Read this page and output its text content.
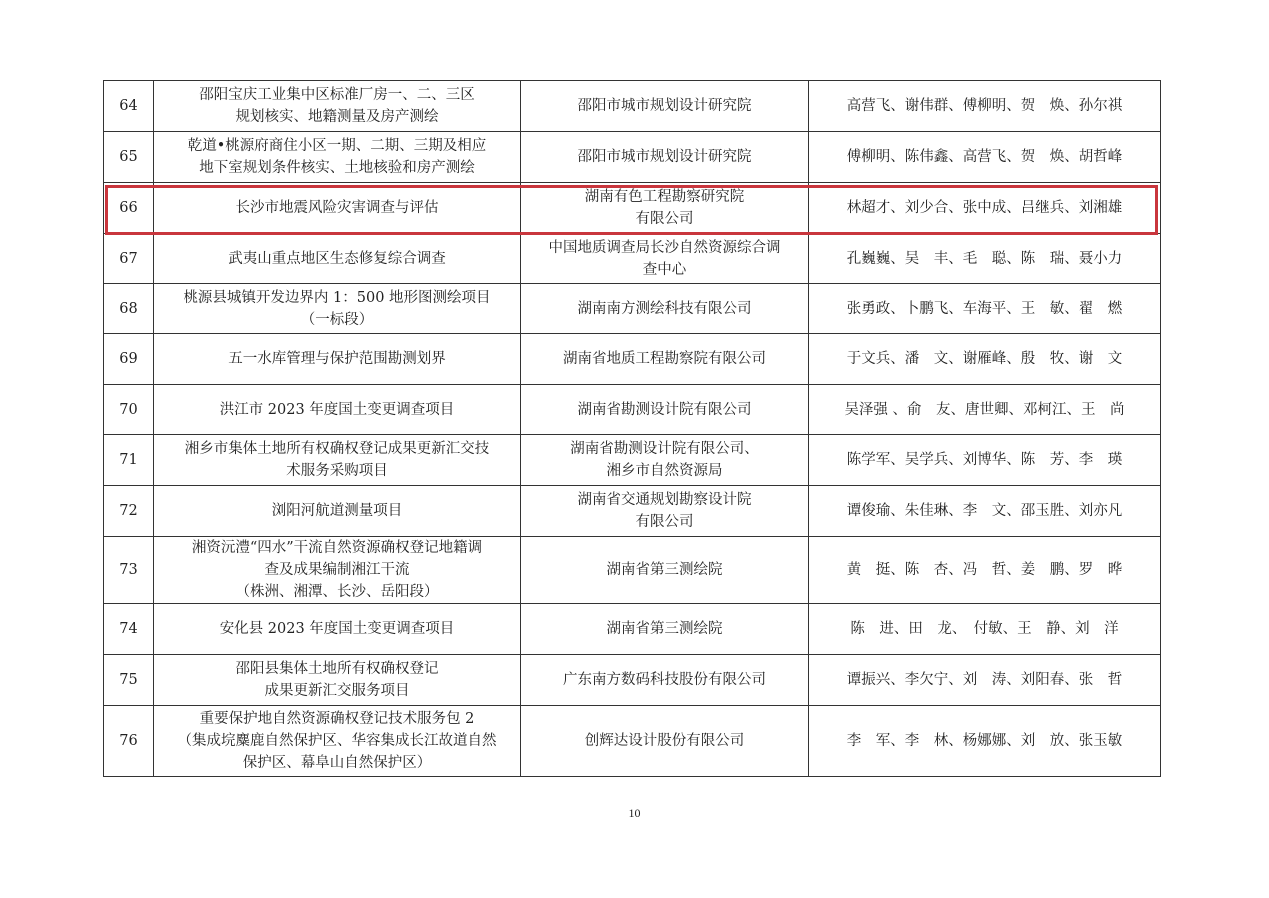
64	邵阳宝庆工业集中区标准厂房一、二、三区
规划核实、地籍测量及房产测绘	邵阳市城市规划设计研究院	高营飞、谢伟群、傅柳明、贺　焕、孙尔祺
65	乾道•桃源府商住小区一期、二期、三期及相应
地下室规划条件核实、土地核验和房产测绘	邵阳市城市规划设计研究院	傅柳明、陈伟鑫、高营飞、贺　焕、胡哲峰
66	长沙市地震风险灾害调查与评估	湖南有色工程勘察研究院
有限公司	林超才、刘少合、张中成、吕继兵、刘湘雄
67	武夷山重点地区生态修复综合调查	中国地质调查局长沙自然资源综合调
查中心	孔巍巍、吴　丰、毛　聪、陈　瑞、聂小力
68	桃源县城镇开发边界内 1：500 地形图测绘项目
（一标段）	湖南南方测绘科技有限公司	张勇政、卜鹏飞、车海平、王　敏、翟　燃
69	五一水库管理与保护范围勘测划界	湖南省地质工程勘察院有限公司	于文兵、潘　文、谢雁峰、殷　牧、谢　文
70	洪江市 2023 年度国土变更调查项目	湖南省勘测设计院有限公司	吴泽强 、俞　友、唐世卿、邓柯江、王　尚
71	湘乡市集体土地所有权确权登记成果更新汇交技
术服务采购项目	湖南省勘测设计院有限公司、
湘乡市自然资源局	陈学军、吴学兵、刘博华、陈　芳、李　瑛
72	浏阳河航道测量项目	湖南省交通规划勘察设计院
有限公司	谭俊瑜、朱佳琳、李　文、邵玉胜、刘亦凡
73	湘资沅澧“四水”干流自然资源确权登记地籍调
查及成果编制湘江干流
（株洲、湘潭、长沙、岳阳段）	湖南省第三测绘院	黄　挺、陈　杏、冯　哲、姜　鹏、罗　晔
74	安化县 2023 年度国土变更调查项目	湖南省第三测绘院	陈　进、田　龙、　付敏、王　静、刘　洋
75	邵阳县集体土地所有权确权登记
成果更新汇交服务项目	广东南方数码科技股份有限公司	谭振兴、李欠宁、刘　涛、刘阳春、张　哲
76	重要保护地自然资源确权登记技术服务包 2
（集成垸麋鹿自然保护区、华容集成长江故道自然
保护区、幕阜山自然保护区）	创辉达设计股份有限公司	李　军、李　林、杨娜娜、刘　放、张玉敏
10
